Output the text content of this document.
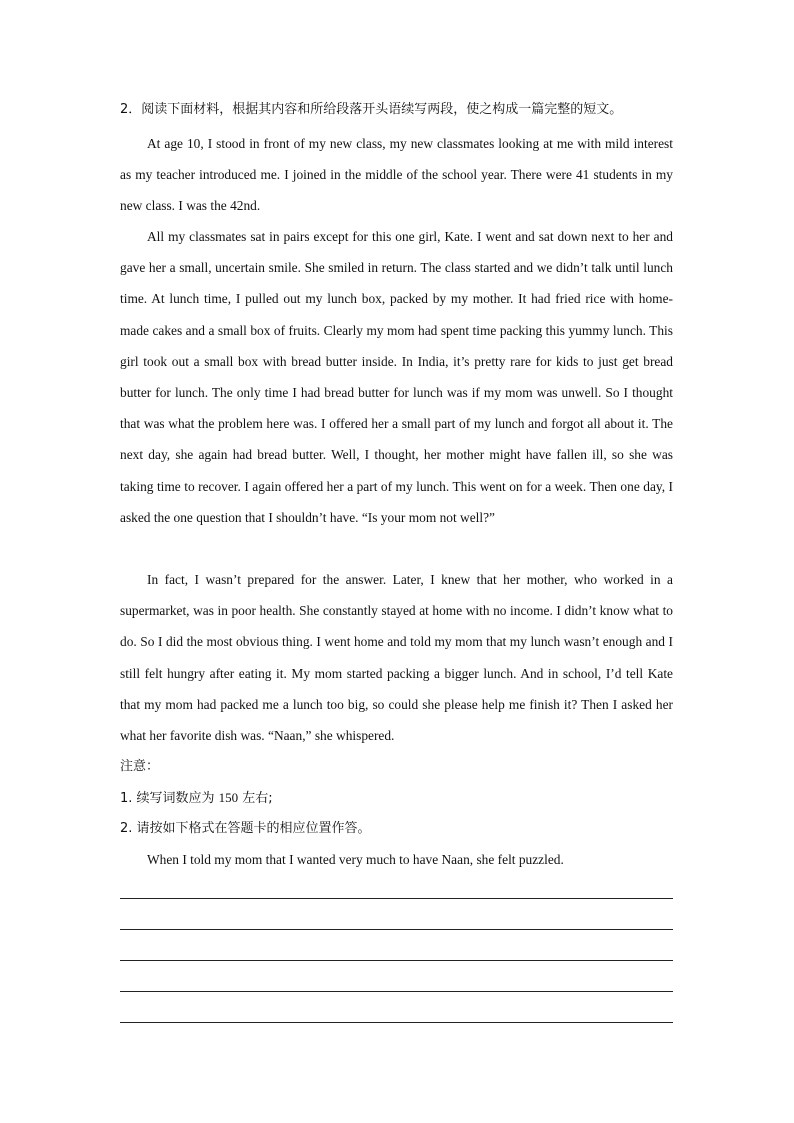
2．阅读下面材料，根据其内容和所给段落开头语续写两段，使之构成一篇完整的短文。

At age 10, I stood in front of my new class, my new classmates looking at me with mild interest as my teacher introduced me. I joined in the middle of the school year. There were 41 students in my new class. I was the 42nd.

All my classmates sat in pairs except for this one girl, Kate. I went and sat down next to her and gave her a small, uncertain smile. She smiled in return. The class started and we didn’t talk until lunch time. At lunch time, I pulled out my lunch box, packed by my mother. It had fried rice with home-made cakes and a small box of fruits. Clearly my mom had spent time packing this yummy lunch. This girl took out a small box with bread butter inside. In India, it’s pretty rare for kids to just get bread butter for lunch. The only time I had bread butter for lunch was if my mom was unwell. So I thought that was what the problem here was. I offered her a small part of my lunch and forgot all about it. The next day, she again had bread butter. Well, I thought, her mother might have fallen ill, so she was taking time to recover. I again offered her a part of my lunch. This went on for a week. Then one day, I asked the one question that I shouldn’t have. “Is your mom not well?”

In fact, I wasn’t prepared for the answer. Later, I knew that her mother, who worked in a supermarket, was in poor health. She constantly stayed at home with no income. I didn’t know what to do. So I did the most obvious thing. I went home and told my mom that my lunch wasn’t enough and I still felt hungry after eating it. My mom started packing a bigger lunch. And in school, I’d tell Kate that my mom had packed me a lunch too big, so could she please help me finish it? Then I asked her what her favorite dish was. “Naan,” she whispered.

注意：
1. 续写词数应为 150 左右;
2. 请按如下格式在答题卡的相应位置作答。
When I told my mom that I wanted very much to have Naan, she felt puzzled.
